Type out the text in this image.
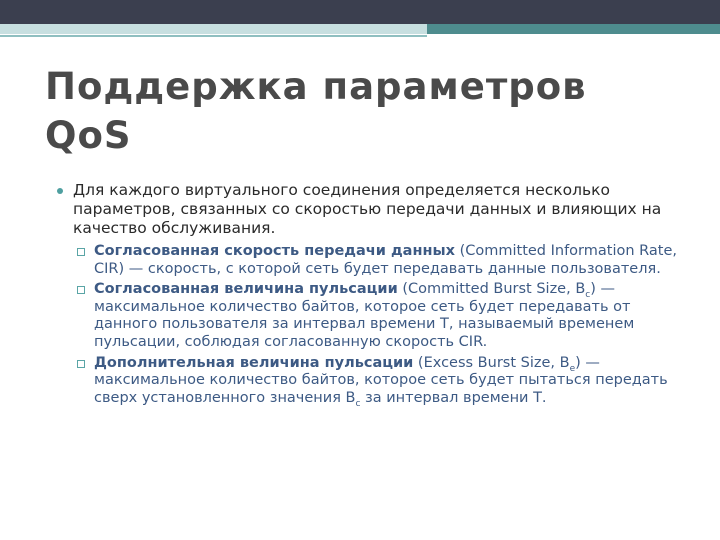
Поддержка параметров QoS
Для каждого виртуального соединения определяется несколько параметров, связанных со скоростью передачи данных и влияющих на качество обслуживания.
Согласованная скорость передачи данных (Committed Information Rate, CIR) — скорость, с которой сеть будет передавать данные пользователя.
Согласованная величина пульсации (Committed Burst Size, $B_c$) — максимальное количество байтов, которое сеть будет передавать от данного пользователя за интервал времени Т, называемый временем пульсации, соблюдая согласованную скорость CIR.
Дополнительная величина пульсации (Excess Burst Size, $B_e$) — максимальное количество байтов, которое сеть будет пытаться передать сверх установленного значения $B_c$ за интервал времени Т.
